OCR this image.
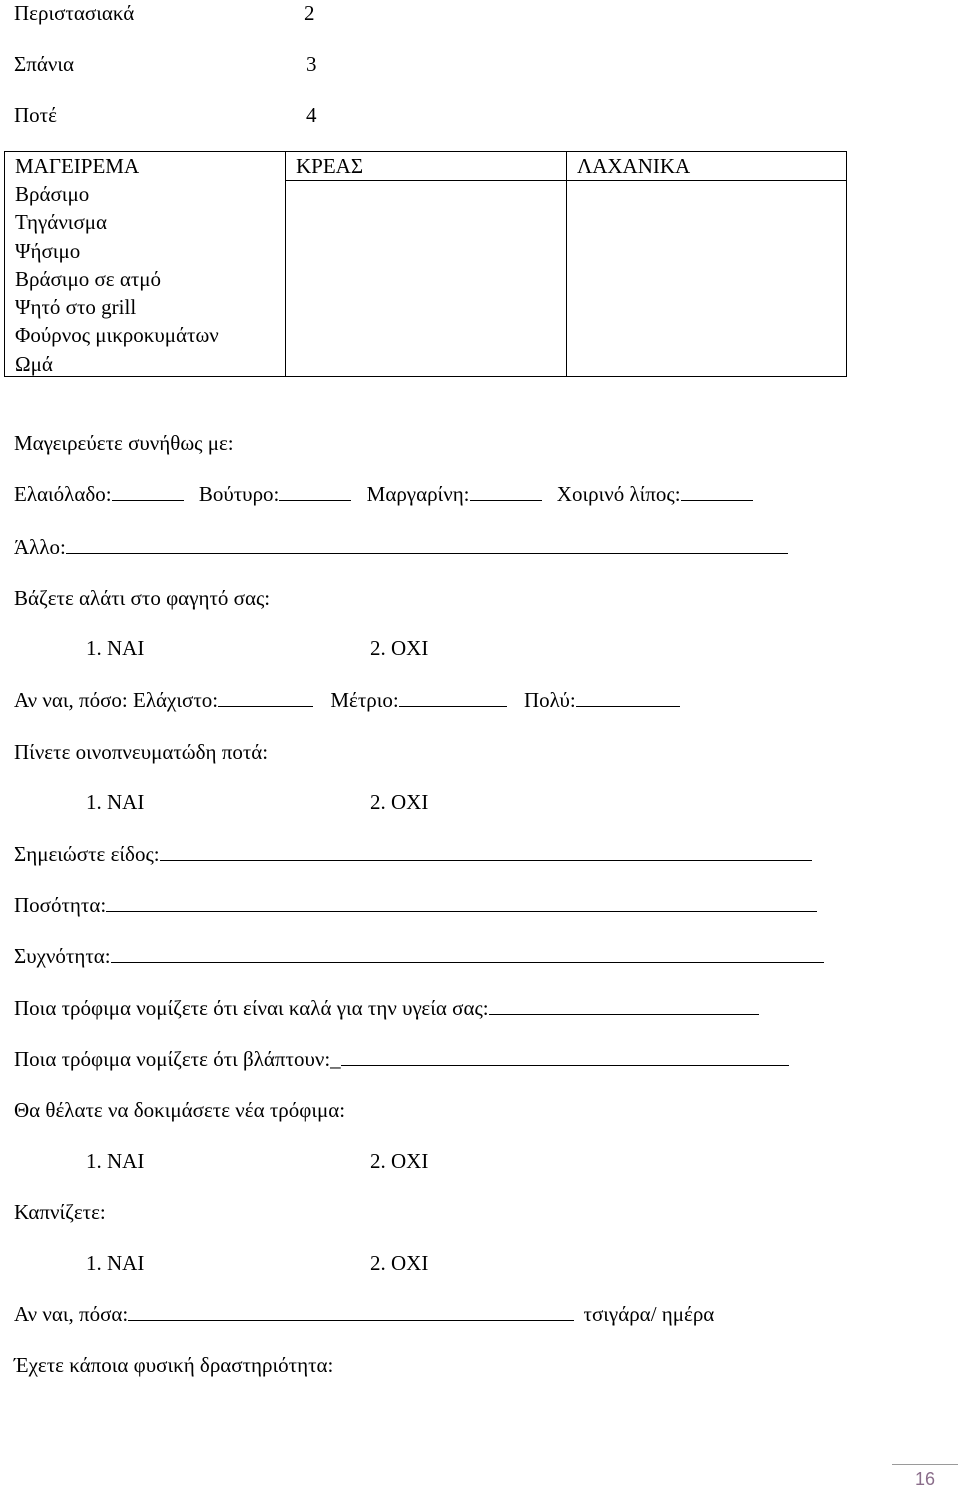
Περιστασιακά	2
Σπάνια	3
Ποτέ	4
ΜΑΓΕΙΡΕΜΑ	ΚΡΕΑΣ	ΛΑΧΑΝΙΚΑ
Βράσιμο
Τηγάνισμα
Ψήσιμο
Βράσιμο σε ατμό
Ψητό στο grill
Φούρνος μικροκυμάτων
Ωμά
Μαγειρεύετε συνήθως με:
Ελαιόλαδο:	Βούτυρο:	Μαργαρίνη:	Χοιρινό λίπος:
Άλλο:
Βάζετε αλάτι στο φαγητό σας:
1. ΝΑΙ	2. ΟΧΙ
Αν ναι, πόσο: Ελάχιστο:	Μέτριο:	Πολύ:
Πίνετε οινοπνευματώδη ποτά:
1. ΝΑΙ	2. ΟΧΙ
Σημειώστε είδος:
Ποσότητα:
Συχνότητα:
Ποια τρόφιμα νομίζετε ότι είναι καλά για την υγεία σας:
Ποια τρόφιμα νομίζετε ότι βλάπτουν:_
Θα θέλατε να δοκιμάσετε νέα τρόφιμα:
1. ΝΑΙ	2. ΟΧΙ
Καπνίζετε:
1. ΝΑΙ	2. ΟΧΙ
Αν ναι, πόσα:	τσιγάρα/ ημέρα
Έχετε κάποια φυσική δραστηριότητα:
16
